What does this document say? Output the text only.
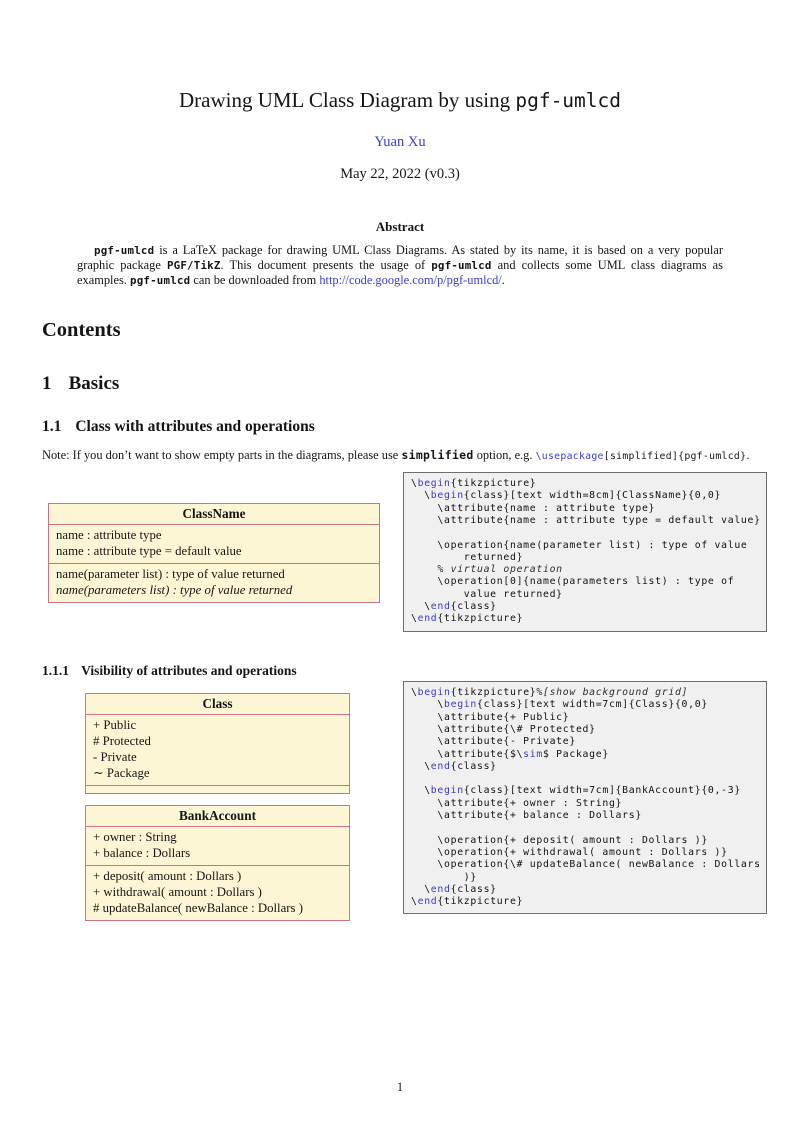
Drawing UML Class Diagram by using pgf-umlcd
Yuan Xu
May 22, 2022 (v0.3)
Abstract

pgf-umlcd is a LaTeX package for drawing UML Class Diagrams. As stated by its name, it is based on a very popular graphic package PGF/TikZ. This document presents the usage of pgf-umlcd and collects some UML class diagrams as examples. pgf-umlcd can be downloaded from http://code.google.com/p/pgf-umlcd/.

Contents
1 Basics
1.1 Class with attributes and operations

Note: If you don’t want to show empty parts in the diagrams, please use simplified option, e.g. \usepackage[simplified]{pgf-umlcd}.

ClassName
name : attribute type
name : attribute type = default value
name(parameter list) : type of value returned
name(parameters list) : type of value returned
\begin{tikzpicture}
\begin{class}[text width=8cm]{ClassName}{0,0}
\attribute{name : attribute type}
\attribute{name : attribute type = default value}

\operation{name(parameter list) : type of value
returned}
% virtual operation
\operation[0]{name(parameters list) : type of
value returned}
\end{class}
\end{tikzpicture}
1.1.1 Visibility of attributes and operations
Class
+ Public
# Protected
- Private
∼ Package
BankAccount
+ owner : String
+ balance : Dollars
+ deposit( amount : Dollars )
+ withdrawal( amount : Dollars )
# updateBalance( newBalance : Dollars )
\begin{tikzpicture}%[show background grid]
\begin{class}[text width=7cm]{Class}{0,0}
\attribute{+ Public}
\attribute{\# Protected}
\attribute{- Private}
\attribute{$\sim$ Package}
\end{class}

\begin{class}[text width=7cm]{BankAccount}{0,-3}
\attribute{+ owner : String}
\attribute{+ balance : Dollars}

\operation{+ deposit( amount : Dollars )}
\operation{+ withdrawal( amount : Dollars )}
\operation{\# updateBalance( newBalance : Dollars
)}
\end{class}
\end{tikzpicture}
1
